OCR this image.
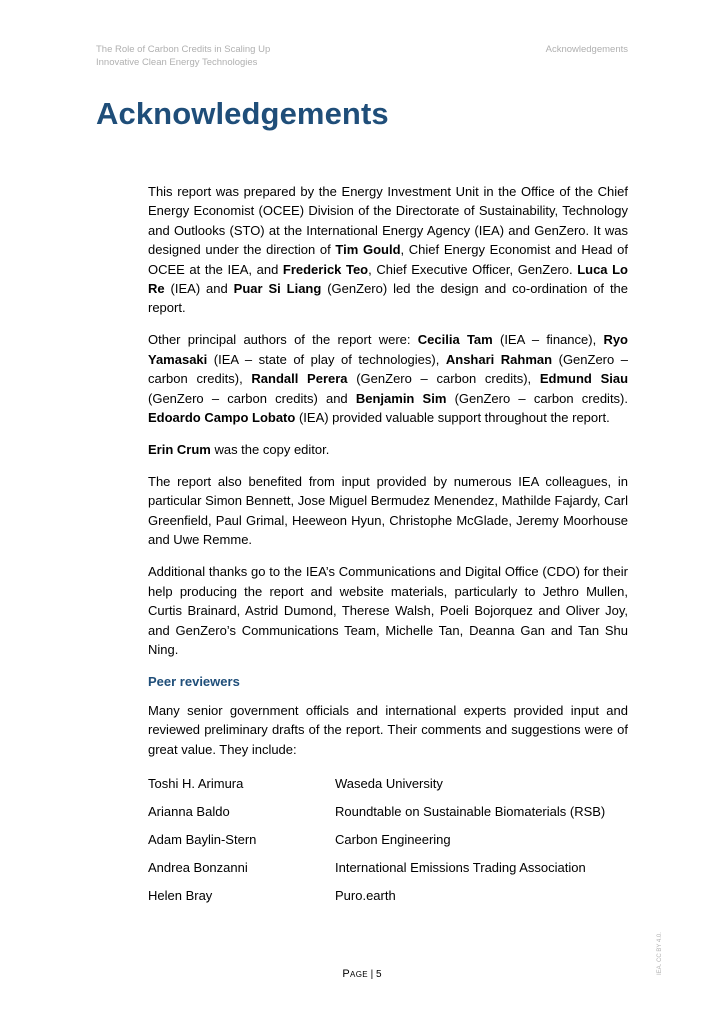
The Role of Carbon Credits in Scaling Up
Innovative Clean Energy Technologies
Acknowledgements
Acknowledgements

This report was prepared by the Energy Investment Unit in the Office of the Chief Energy Economist (OCEE) Division of the Directorate of Sustainability, Technology and Outlooks (STO) at the International Energy Agency (IEA) and GenZero. It was designed under the direction of Tim Gould, Chief Energy Economist and Head of OCEE at the IEA, and Frederick Teo, Chief Executive Officer, GenZero. Luca Lo Re (IEA) and Puar Si Liang (GenZero) led the design and co-ordination of the report.

Other principal authors of the report were: Cecilia Tam (IEA – finance), Ryo Yamasaki (IEA – state of play of technologies), Anshari Rahman (GenZero – carbon credits), Randall Perera (GenZero – carbon credits), Edmund Siau (GenZero – carbon credits) and Benjamin Sim (GenZero – carbon credits). Edoardo Campo Lobato (IEA) provided valuable support throughout the report.

Erin Crum was the copy editor.

The report also benefited from input provided by numerous IEA colleagues, in particular Simon Bennett, Jose Miguel Bermudez Menendez, Mathilde Fajardy, Carl Greenfield, Paul Grimal, Heeweon Hyun, Christophe McGlade, Jeremy Moorhouse and Uwe Remme.

Additional thanks go to the IEA’s Communications and Digital Office (CDO) for their help producing the report and website materials, particularly to Jethro Mullen, Curtis Brainard, Astrid Dumond, Therese Walsh, Poeli Bojorquez and Oliver Joy, and GenZero’s Communications Team, Michelle Tan, Deanna Gan and Tan Shu Ning.

Peer reviewers

Many senior government officials and international experts provided input and reviewed preliminary drafts of the report. Their comments and suggestions were of great value. They include:

Toshi H. Arimura	Waseda University
Arianna Baldo	Roundtable on Sustainable Biomaterials (RSB)
Adam Baylin-Stern	Carbon Engineering
Andrea Bonzanni	International Emissions Trading Association
Helen Bray	Puro.earth
Page | 5	IEA. CC BY 4.0.
